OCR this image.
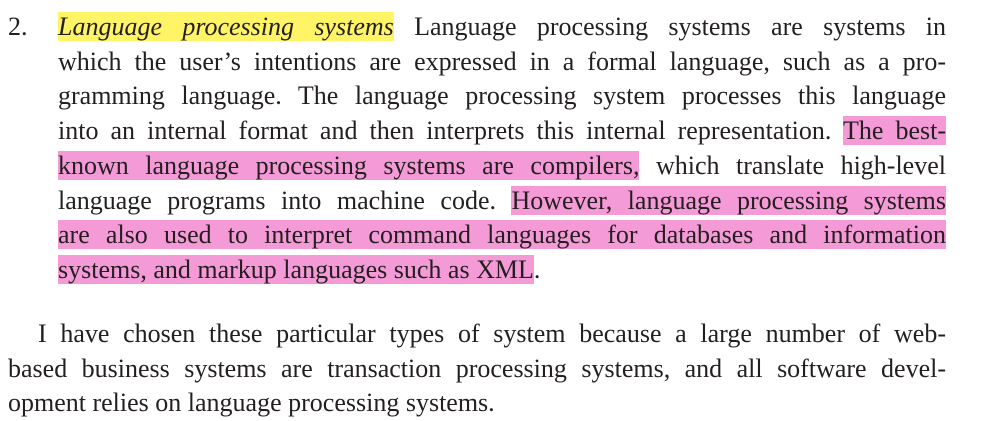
2. Language processing systems Language processing systems are systems in
which the user’s intentions are expressed in a formal language, such as a pro-
gramming language. The language processing system processes this language
into an internal format and then interprets this internal representation. The best-
known language processing systems are compilers, which translate high-level
language programs into machine code. However, language processing systems
are also used to interpret command languages for databases and information
systems, and markup languages such as XML.
I have chosen these particular types of system because a large number of web-
based business systems are transaction processing systems, and all software devel-
opment relies on language processing systems.
